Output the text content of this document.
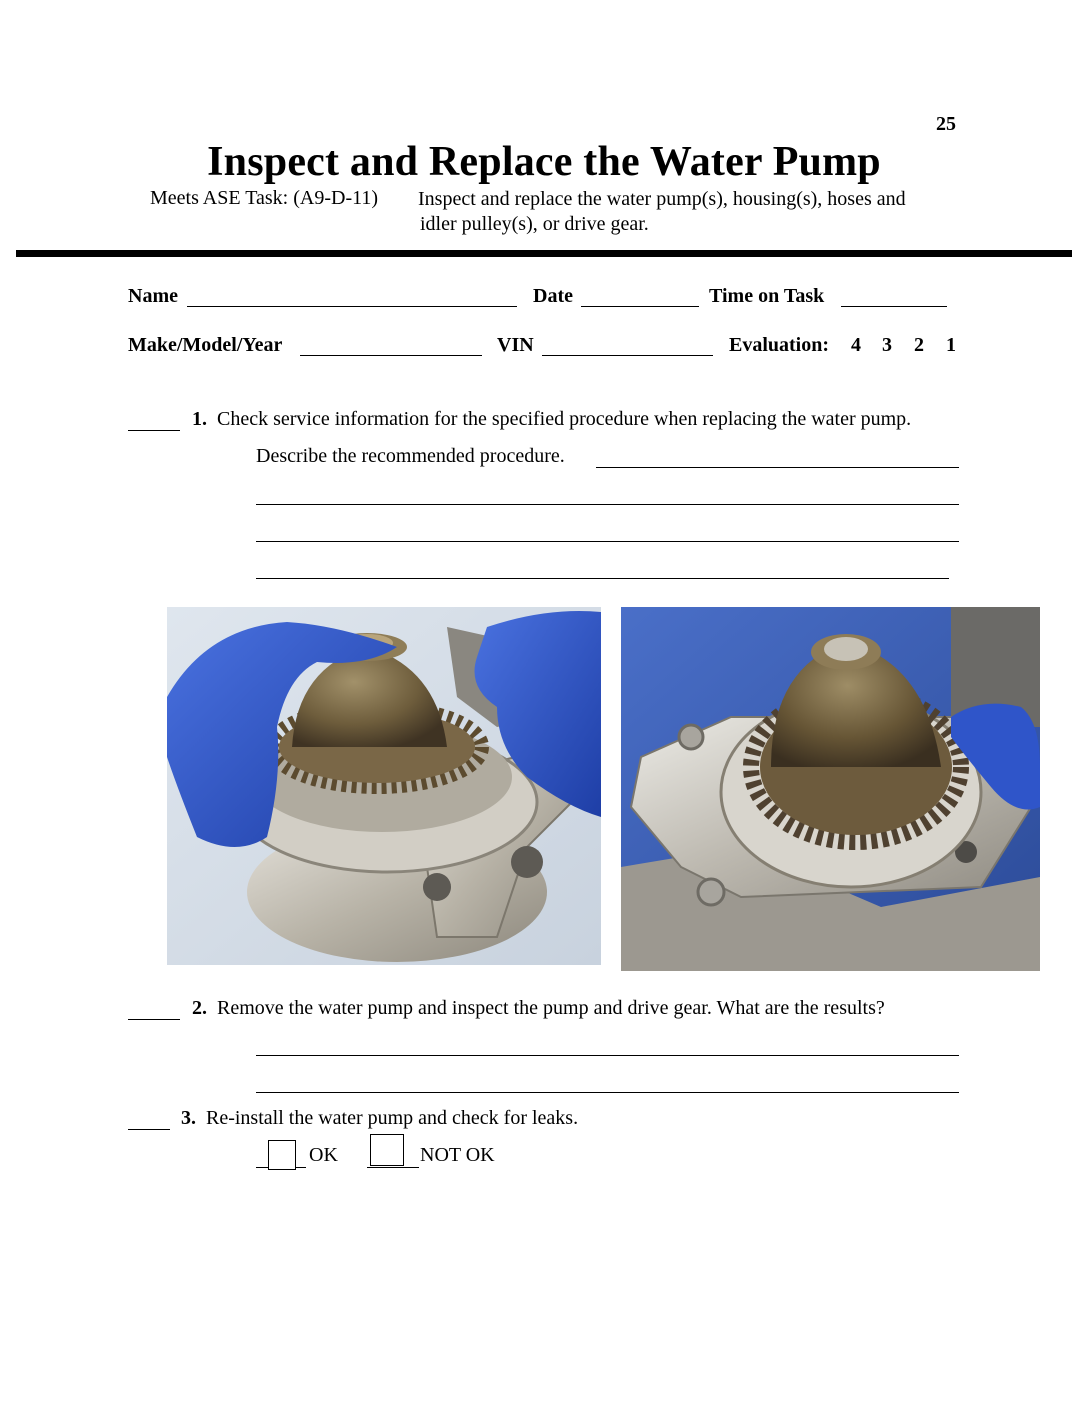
25
Inspect and Replace the Water Pump
Meets ASE Task: (A9-D-11) Inspect and replace the water pump(s), housing(s), hoses and
idler pulley(s), or drive gear.
Name	Date	Time on Task
Make/Model/Year	VIN	Evaluation: 4 3 2 1
1. Check service information for the specified procedure when replacing the water pump.
Describe the recommended procedure.
2. Remove the water pump and inspect the pump and drive gear. What are the results?
3. Re-install the water pump and check for leaks.
OK	NOT OK
